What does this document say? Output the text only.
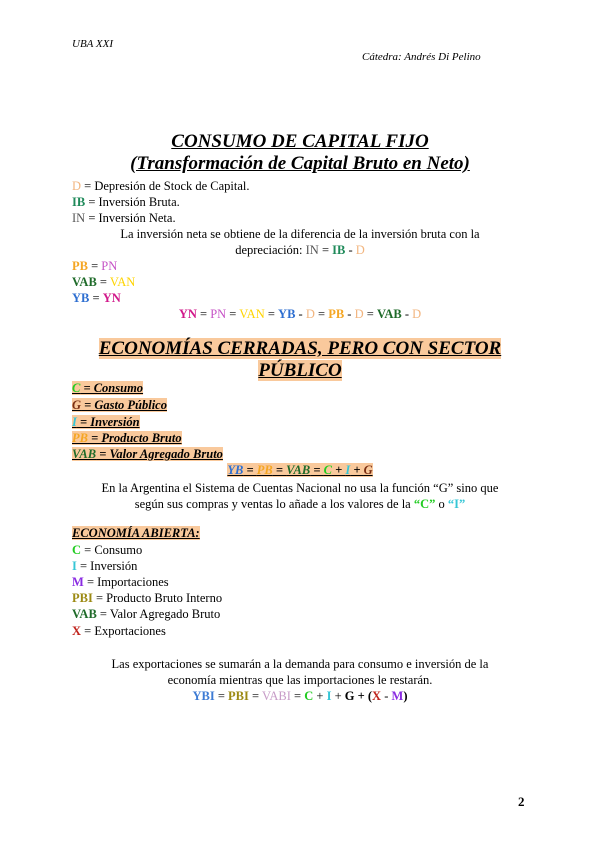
UBA XXI
Cátedra: Andrés Di Pelino
CONSUMO DE CAPITAL FIJO
(Transformación de Capital Bruto en Neto)
D = Depresión de Stock de Capital.
IB = Inversión Bruta.
IN = Inversión Neta.
La inversión neta se obtiene de la diferencia de la inversión bruta con la
depreciación: IN = IB - D
PB = PN
VAB = VAN
YB = YN
YN = PN = VAN = YB - D = PB - D = VAB - D
ECONOMÍAS CERRADAS, PERO CON SECTOR
PÚBLICO
C = Consumo
G = Gasto Público
I = Inversión
PB = Producto Bruto
VAB = Valor Agregado Bruto
YB = PB = VAB = C + I + G
En la Argentina el Sistema de Cuentas Nacional no usa la función “G” sino que
según sus compras y ventas lo añade a los valores de la “C” o “I”
ECONOMÍA ABIERTA:
C = Consumo
I = Inversión
M = Importaciones
PBI = Producto Bruto Interno
VAB = Valor Agregado Bruto
X = Exportaciones
Las exportaciones se sumarán a la demanda para consumo e inversión de la
economía mientras que las importaciones le restarán.
YBI = PBI = VABI = C + I + G + (X - M)
2
